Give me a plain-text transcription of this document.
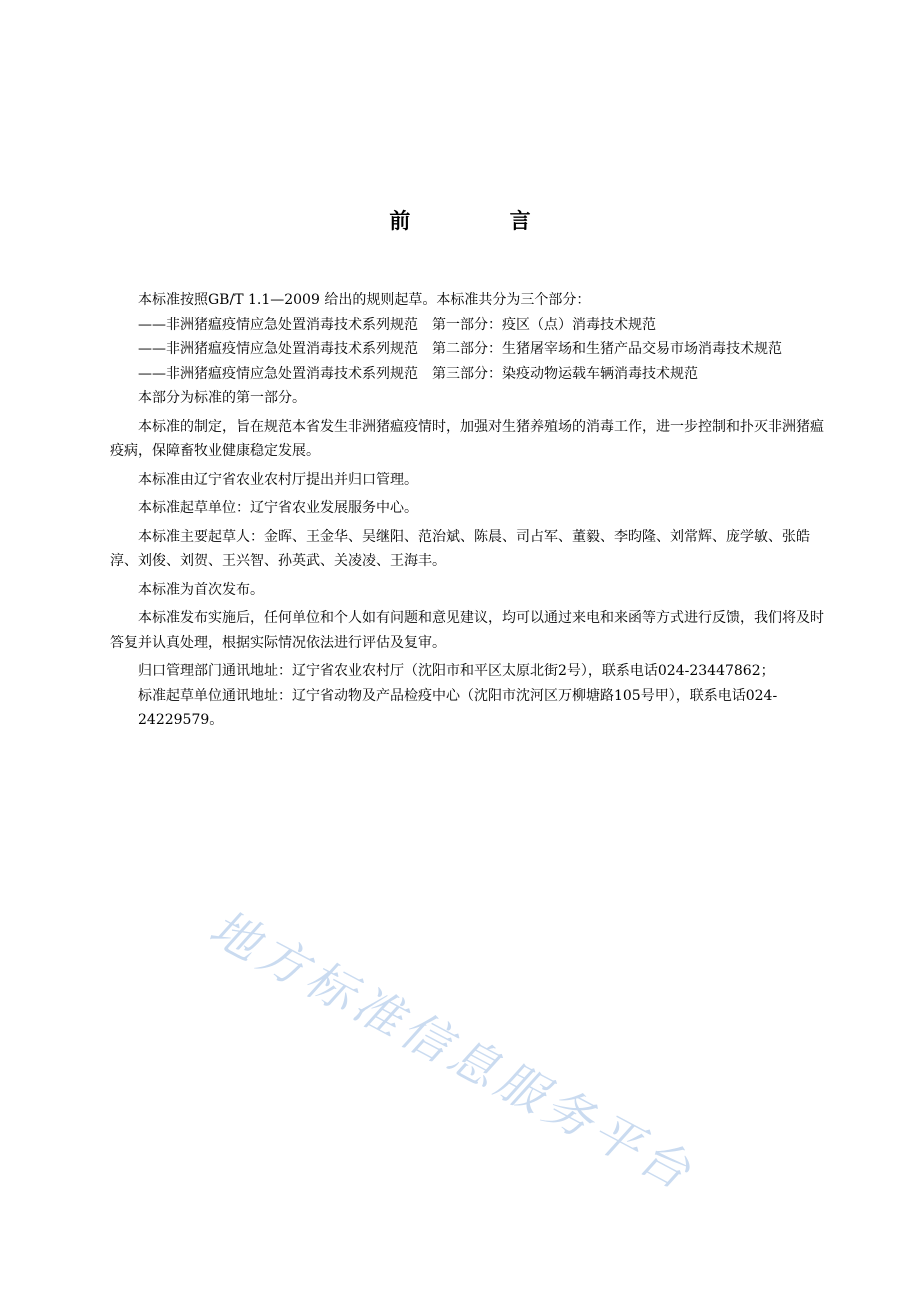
前 言

本标准按照GB/T 1.1—2009 给出的规则起草。本标准共分为三个部分：

——非洲猪瘟疫情应急处置消毒技术系列规范　第一部分：疫区（点）消毒技术规范

——非洲猪瘟疫情应急处置消毒技术系列规范　第二部分：生猪屠宰场和生猪产品交易市场消毒技术规范

——非洲猪瘟疫情应急处置消毒技术系列规范　第三部分：染疫动物运载车辆消毒技术规范

本部分为标准的第一部分。

本标准的制定，旨在规范本省发生非洲猪瘟疫情时，加强对生猪养殖场的消毒工作，进一步控制和扑灭非洲猪瘟疫病，保障畜牧业健康稳定发展。

本标准由辽宁省农业农村厅提出并归口管理。

本标准起草单位：辽宁省农业发展服务中心。

本标准主要起草人：金晖、王金华、吴继阳、范治斌、陈晨、司占军、董毅、李昀隆、刘常辉、庞学敏、张皓淳、刘俊、刘贺、王兴智、孙英武、关凌凌、王海丰。

本标准为首次发布。

本标准发布实施后，任何单位和个人如有问题和意见建议，均可以通过来电和来函等方式进行反馈，我们将及时答复并认真处理，根据实际情况依法进行评估及复审。

归口管理部门通讯地址：辽宁省农业农村厅（沈阳市和平区太原北街2号），联系电话024-23447862；

标准起草单位通讯地址：辽宁省动物及产品检疫中心（沈阳市沈河区万柳塘路105号甲），联系电话024-24229579。

地方标准信息服务平台
